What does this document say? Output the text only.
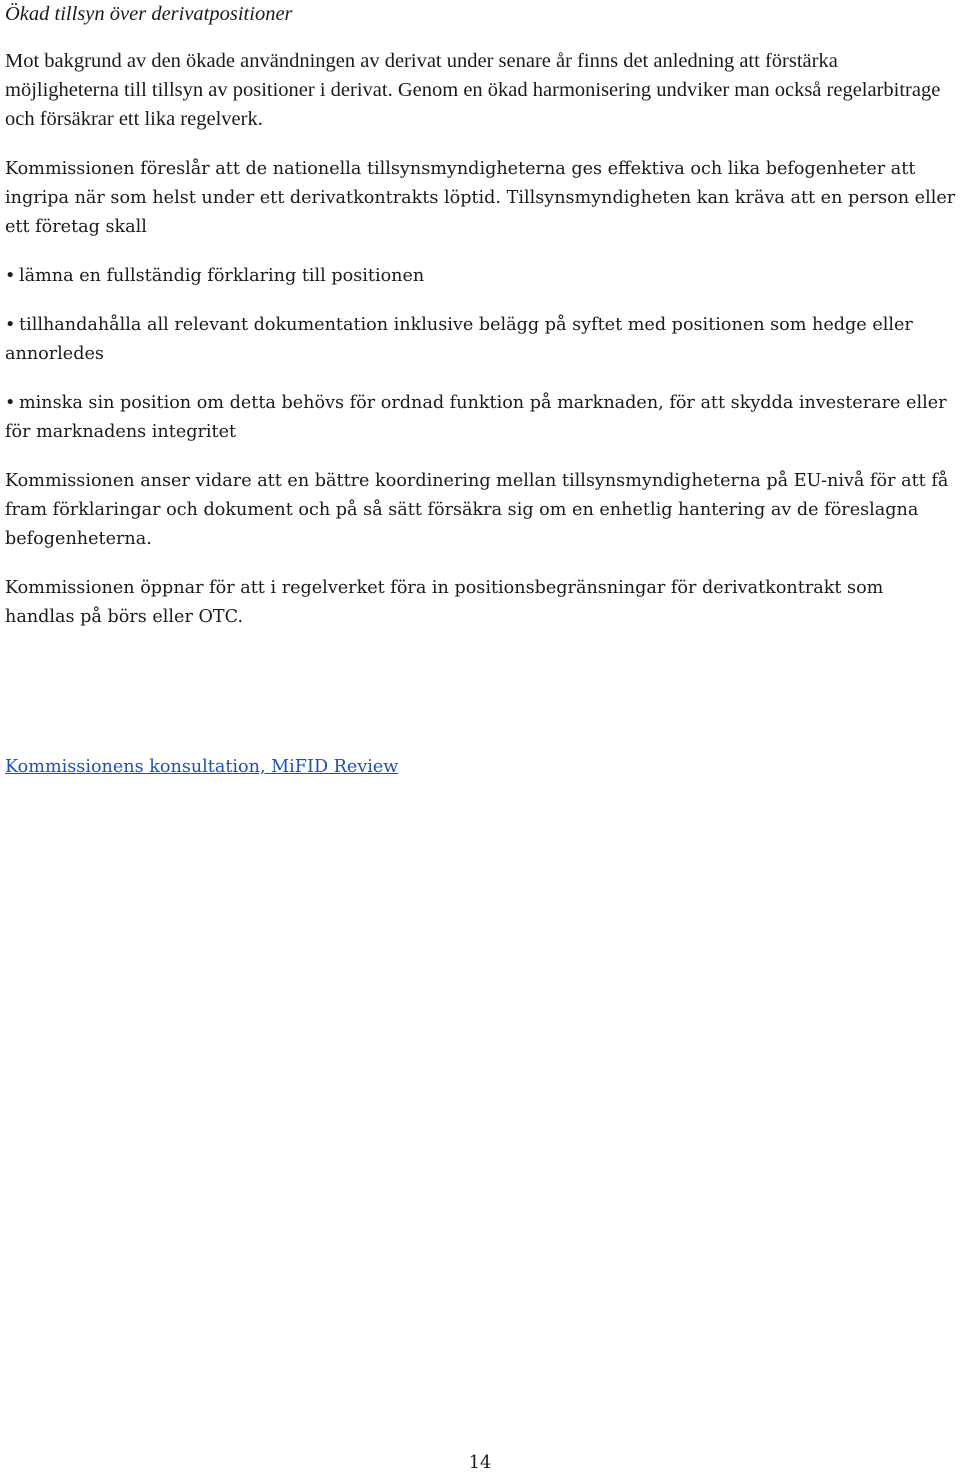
Ökad tillsyn över derivatpositioner

Mot bakgrund av den ökade användningen av derivat under senare år finns det anledning att förstärka möjligheterna till tillsyn av positioner i derivat. Genom en ökad harmonisering undviker man också regelarbitrage och försäkrar ett lika regelverk.

Kommissionen föreslår att de nationella tillsynsmyndigheterna ges effektiva och lika befogenheter att ingripa när som helst under ett derivatkontrakts löptid. Tillsynsmyndigheten kan kräva att en person eller ett företag skall

• lämna en fullständig förklaring till positionen

• tillhandahålla all relevant dokumentation inklusive belägg på syftet med positionen som hedge eller annorledes

• minska sin position om detta behövs för ordnad funktion på marknaden, för att skydda investerare eller för marknadens integritet

Kommissionen anser vidare att en bättre koordinering mellan tillsynsmyndigheterna på EU-nivå för att få fram förklaringar och dokument och på så sätt försäkra sig om en enhetlig hantering av de föreslagna befogenheterna.

Kommissionen öppnar för att i regelverket föra in positionsbegränsningar för derivatkontrakt som handlas på börs eller OTC.

Kommissionens konsultation, MiFID Review
14
